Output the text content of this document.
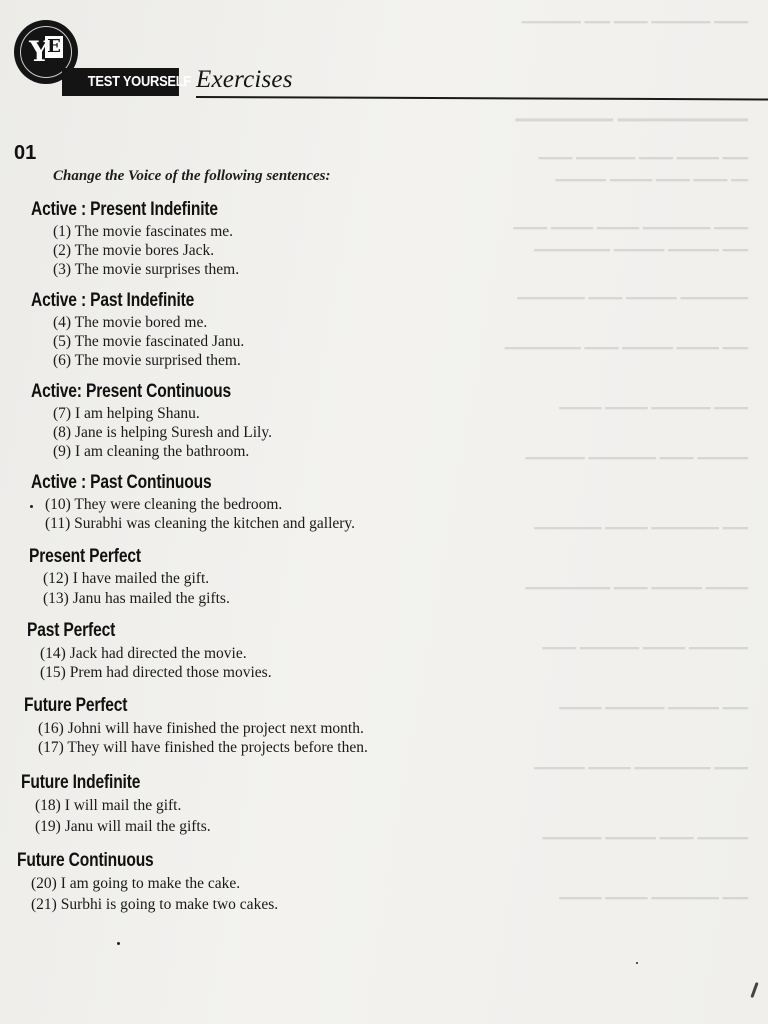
━━━━ ━━━━━━━ ━━━━ ━━━ ━━━━━━━
━━━━━━━━━━━━ ━━━━━━━━━
━━━ ━━━━━ ━━━━ ━━━━━━━ ━━━━
━━ ━━━━ ━━━━ ━━━━━ ━━━━━━
━━━━ ━━━━━━━━ ━━━━━ ━━━━━ ━━━━
━━━ ━━━━━━ ━━━━━━ ━━━━━━━━━
━━━━━━━━ ━━━━━━ ━━━━ ━━━━━━━━
━━━ ━━━━━ ━━━━━━ ━━━━ ━━━━━━━━━
━━━━ ━━━━━━━ ━━━━━ ━━━━━
━━━━━━ ━━━━ ━━━━━━━━ ━━━━━━━
━━━ ━━━━━━━━ ━━━━━ ━━━━━━━━
━━━━━ ━━━━━━ ━━━━ ━━━━━━━━━━
━━━━━━━ ━━━━━ ━━━━━━━ ━━━━
━━━ ━━━━━━ ━━━━━━━ ━━━━━
━━━━ ━━━━━━━━━ ━━━━━ ━━━━━━
━━━━━━ ━━━━ ━━━━━━ ━━━━━━━
━━━ ━━━━━━━━ ━━━━━ ━━━━━
Y E
TEST YOURSELF Exercises
01
Change the Voice of the following sentences:
Active : Present Indefinite
(1) The movie fascinates me.
(2) The movie bores Jack.
(3) The movie surprises them.
Active : Past Indefinite
(4) The movie bored me.
(5) The movie fascinated Janu.
(6) The movie surprised them.
Active: Present Continuous
(7) I am helping Shanu.
(8) Jane is helping Suresh and Lily.
(9) I am cleaning the bathroom.
Active : Past Continuous
(10) They were cleaning the bedroom.
(11) Surabhi was cleaning the kitchen and gallery.
Present Perfect
(12) I have mailed the gift.
(13) Janu has mailed the gifts.
Past Perfect
(14) Jack had directed the movie.
(15) Prem had directed those movies.
Future Perfect
(16) Johni will have finished the project next month.
(17) They will have finished the projects before then.
Future Indefinite
(18) I will mail the gift.
(19) Janu will mail the gifts.
Future Continuous
(20) I am going to make the cake.
(21) Surbhi is going to make two cakes.
